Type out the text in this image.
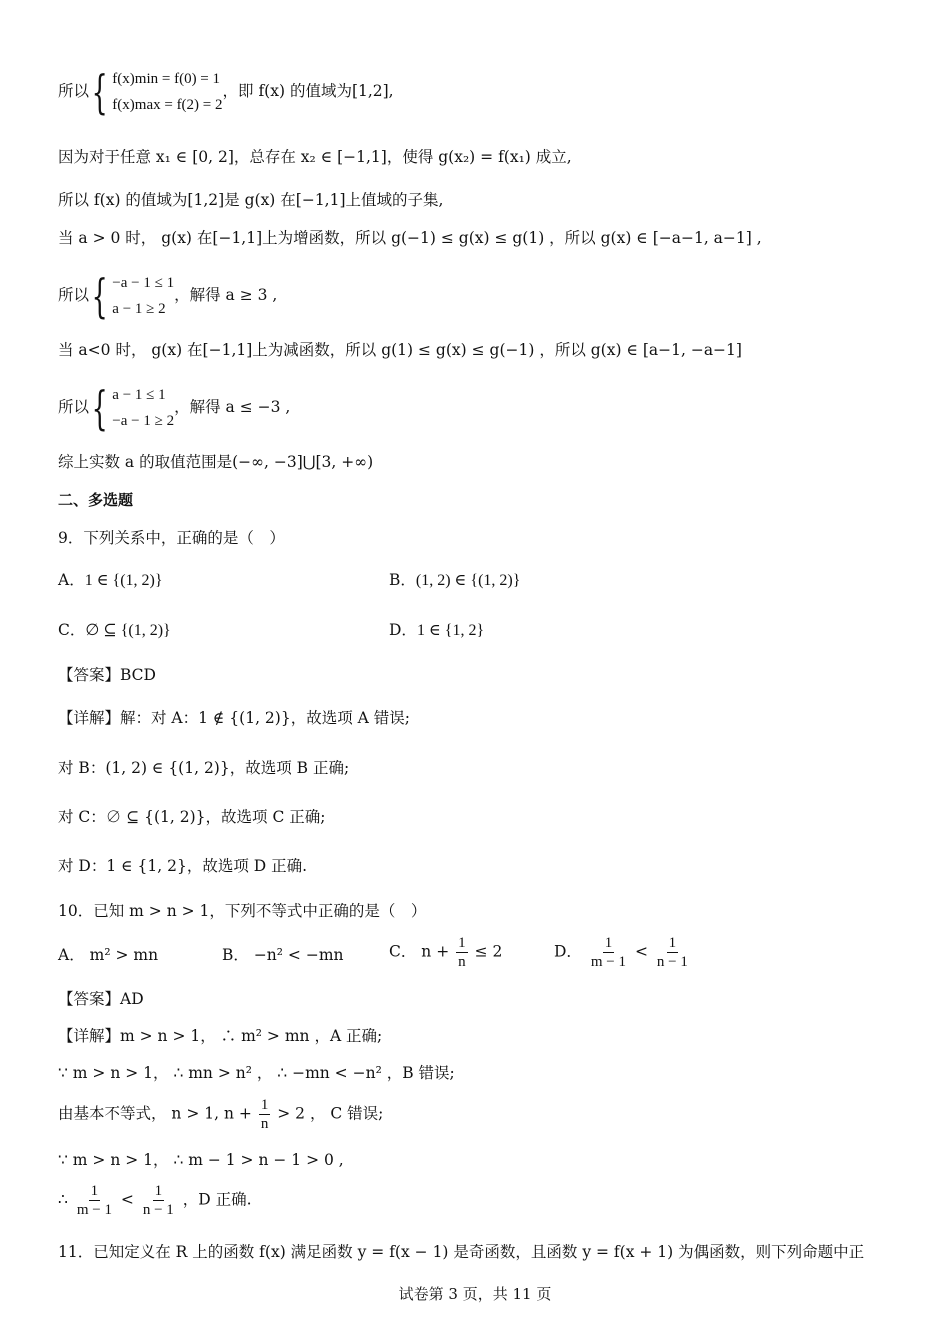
所以 { f(x)min = f(0) = 1
f(x)max = f(2) = 2
，即 f(x) 的值域为[1,2],
因为对于任意 x₁ ∈ [0, 2]，总存在 x₂ ∈ [−1,1]，使得 g(x₂) = f(x₁) 成立,
所以 f(x) 的值域为[1,2]是 g(x) 在[−1,1]上值域的子集,
当 a > 0 时， g(x) 在[−1,1]上为增函数，所以 g(−1) ≤ g(x) ≤ g(1) ，所以 g(x) ∈ [−a−1, a−1] ,
所以 { −a − 1 ≤ 1
a − 1 ≥ 2
，解得 a ≥ 3 ,
当 a<0 时， g(x) 在[−1,1]上为减函数，所以 g(1) ≤ g(x) ≤ g(−1) ，所以 g(x) ∈ [a−1, −a−1]
所以 { a − 1 ≤ 1
−a − 1 ≥ 2
，解得 a ≤ −3 ,
综上实数 a 的取值范围是(−∞, −3]⋃[3, +∞)
二、多选题
9．下列关系中，正确的是（　）
A．1 ∈ {(1, 2)}	B．(1, 2) ∈ {(1, 2)}
C．∅ ⊆ {(1, 2)}	D．1 ∈ {1, 2}
【答案】BCD
【详解】解：对 A：1 ∉ {(1, 2)}，故选项 A 错误;
对 B：(1, 2) ∈ {(1, 2)}，故选项 B 正确;
对 C：∅ ⊆ {(1, 2)}，故选项 C 正确;
对 D：1 ∈ {1, 2}，故选项 D 正确.
10．已知 m > n > 1，下列不等式中正确的是（　）
A． m² > mn	B． −n² < −mn	C． $n + \frac{1}{n} \le 2$	D． $\frac{1}{m - 1} < \frac{1}{n - 1}$
【答案】AD
【详解】m > n > 1， ∴ m² > mn ，A 正确;
∵ m > n > 1， ∴ mn > n² ， ∴ −mn < −n² ，B 错误;
由基本不等式， n > 1, $n + \frac{1}{n} > 2$ ， C 错误;
∵ m > n > 1， ∴ m − 1 > n − 1 > 0 ,
∴ $\frac{1}{m - 1} < \frac{1}{n - 1}$ ，D 正确.
11．已知定义在 R 上的函数 f(x) 满足函数 y = f(x − 1) 是奇函数，且函数 y = f(x + 1) 为偶函数，则下列命题中正
试卷第 3 页，共 11 页
